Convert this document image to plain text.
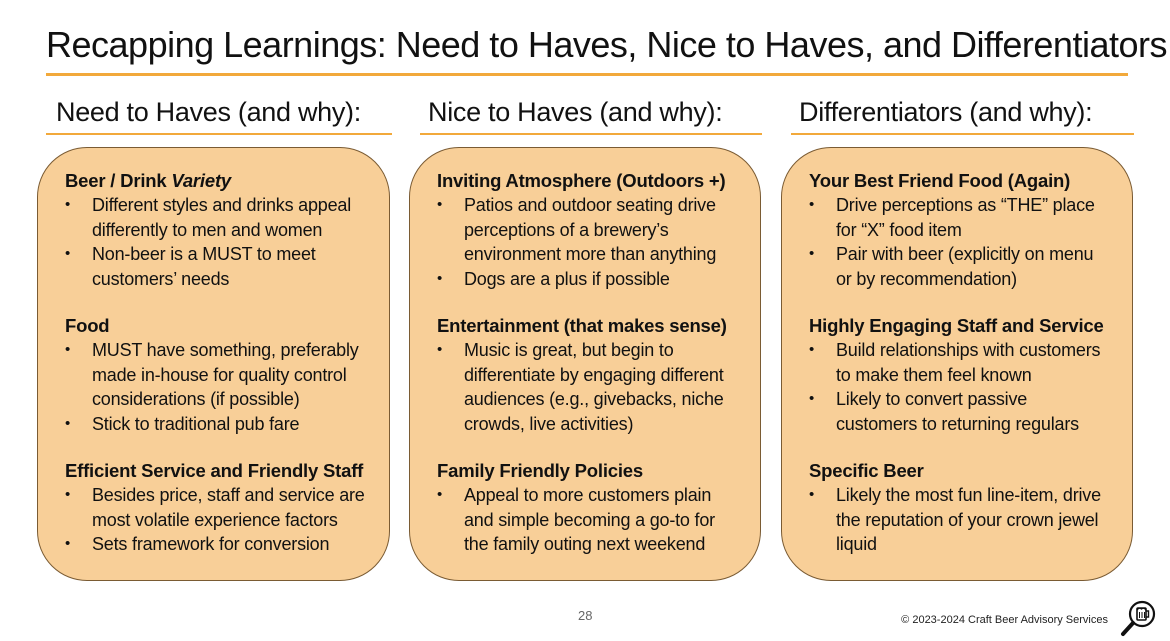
Recapping Learnings: Need to Haves, Nice to Haves, and Differentiators
Need to Haves (and why):
Beer / Drink Variety
• Different styles and drinks appeal differently to men and women
• Non-beer is a MUST to meet customers’ needs
Food
• MUST have something, preferably made in-house for quality control considerations (if possible)
• Stick to traditional pub fare
Efficient Service and Friendly Staff
• Besides price, staff and service are most volatile experience factors
• Sets framework for conversion
Nice to Haves (and why):
Inviting Atmosphere (Outdoors +)
• Patios and outdoor seating drive perceptions of a brewery’s environment more than anything
• Dogs are a plus if possible
Entertainment (that makes sense)
• Music is great, but begin to differentiate by engaging different audiences (e.g., givebacks, niche crowds, live activities)
Family Friendly Policies
• Appeal to more customers plain and simple becoming a go-to for the family outing next weekend
Differentiators (and why):
Your Best Friend Food (Again)
• Drive perceptions as “THE” place for “X” food item
• Pair with beer (explicitly on menu or by recommendation)
Highly Engaging Staff and Service
• Build relationships with customers to make them feel known
• Likely to convert passive customers to returning regulars
Specific Beer
• Likely the most fun line-item, drive the reputation of your crown jewel liquid
28	© 2023-2024 Craft Beer Advisory Services
